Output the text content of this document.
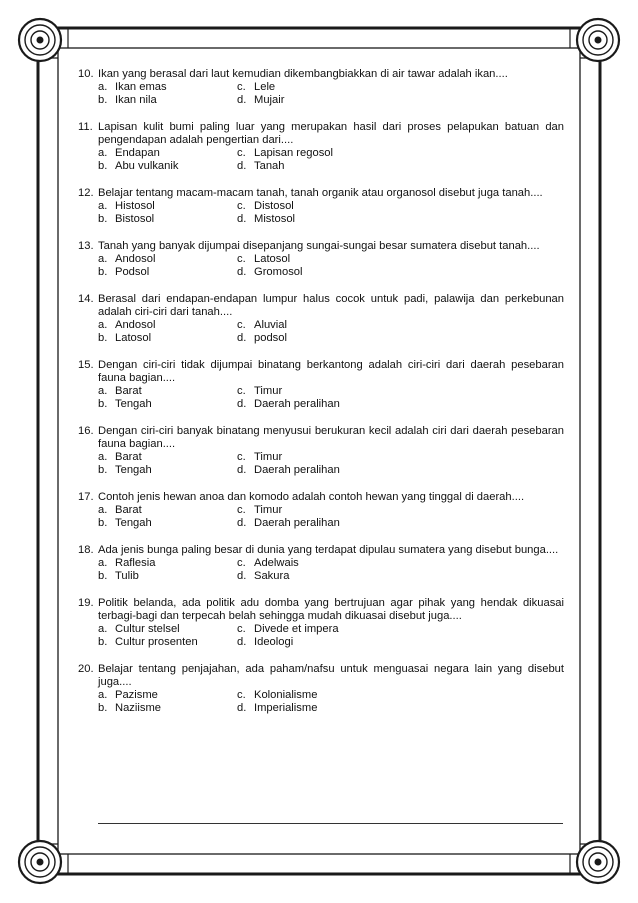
10. Ikan yang berasal dari laut kemudian dikembangbiakkan di air tawar adalah ikan....
a. Ikan emas	c. Lele
b. Ikan nila	d. Mujair
11. Lapisan kulit bumi paling luar yang merupakan hasil dari proses pelapukan batuan dan pengendapan adalah pengertian dari....
a. Endapan	c. Lapisan regosol
b. Abu vulkanik	d. Tanah
12. Belajar tentang macam-macam tanah, tanah organik atau organosol disebut juga tanah....
a. Histosol	c. Distosol
b. Bistosol	d. Mistosol
13. Tanah yang banyak dijumpai disepanjang sungai-sungai besar sumatera disebut tanah....
a. Andosol	c. Latosol
b. Podsol	d. Gromosol
14. Berasal dari endapan-endapan lumpur halus cocok untuk padi, palawija dan perkebunan adalah ciri-ciri dari tanah....
a. Andosol	c. Aluvial
b. Latosol	d. podsol
15. Dengan ciri-ciri tidak dijumpai binatang berkantong adalah ciri-ciri dari daerah pesebaran fauna bagian....
a. Barat	c. Timur
b. Tengah	d. Daerah peralihan
16. Dengan ciri-ciri banyak binatang menyusui berukuran kecil adalah ciri dari daerah pesebaran fauna bagian....
a. Barat	c. Timur
b. Tengah	d. Daerah peralihan
17. Contoh jenis hewan anoa dan komodo adalah contoh hewan yang tinggal di daerah....
a. Barat	c. Timur
b. Tengah	d. Daerah peralihan
18. Ada jenis bunga paling besar di dunia yang terdapat dipulau sumatera yang disebut bunga....
a. Raflesia	c. Adelwais
b. Tulib	d. Sakura
19. Politik belanda, ada politik adu domba yang bertrujuan agar pihak yang hendak dikuasai terbagi-bagi dan terpecah belah sehingga mudah dikuasai disebut juga....
a. Cultur stelsel	c. Divede et impera
b. Cultur prosenten	d. Ideologi
20. Belajar tentang penjajahan, ada paham/nafsu untuk menguasai negara lain yang disebut juga....
a. Pazisme	c. Kolonialisme
b. Naziisme	d. Imperialisme
